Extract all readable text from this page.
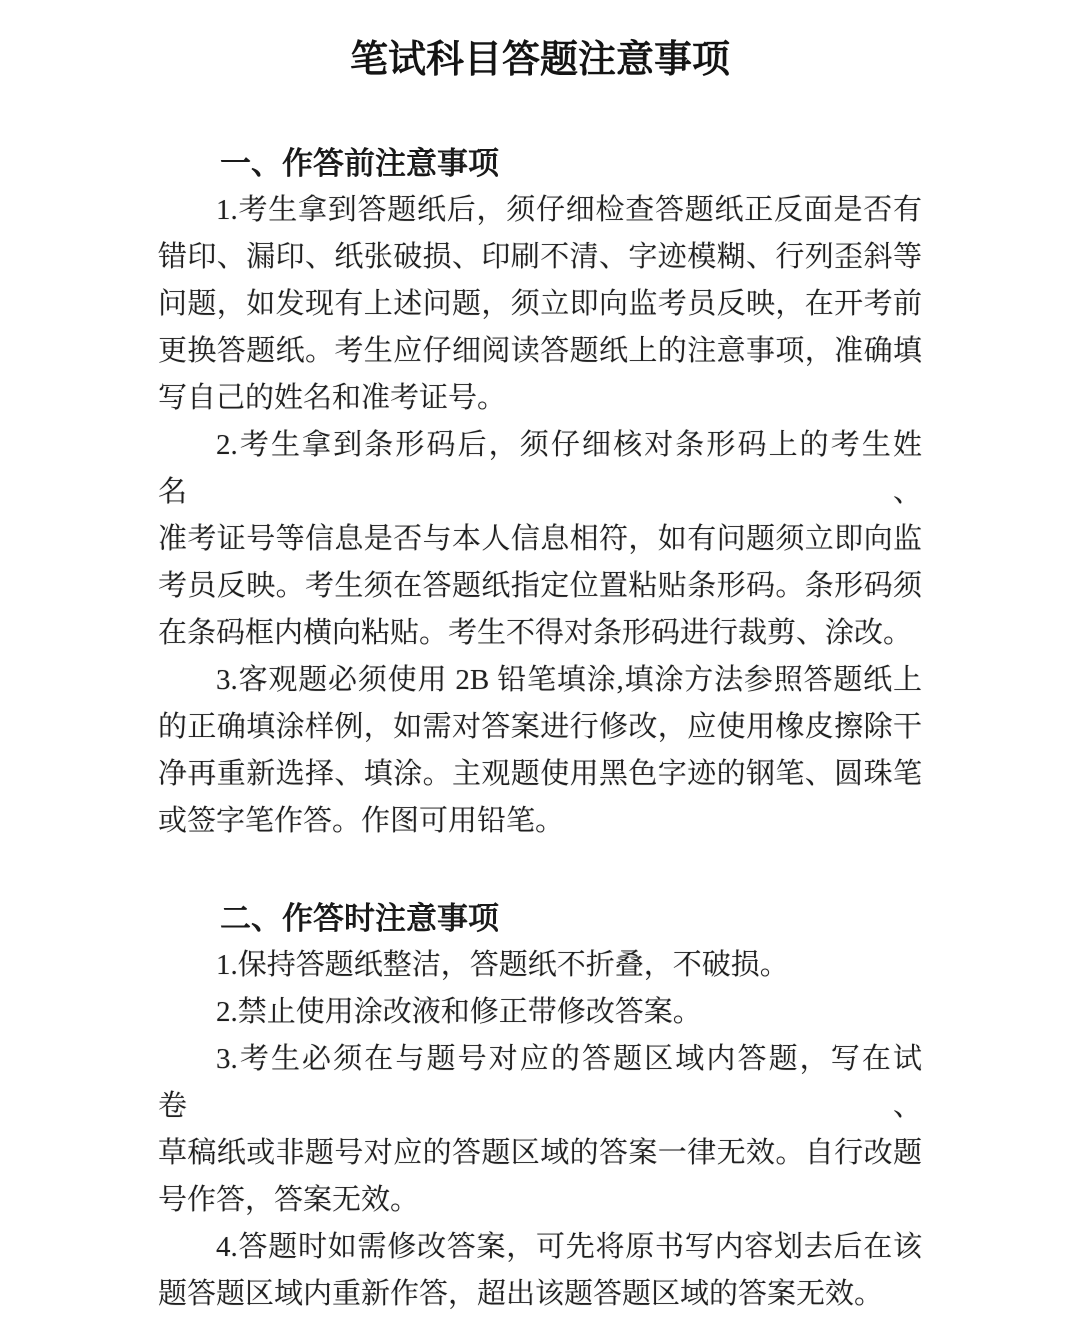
笔试科目答题注意事项
一、作答前注意事项
1.考生拿到答题纸后，须仔细检查答题纸正反面是否有
错印、漏印、纸张破损、印刷不清、字迹模糊、行列歪斜等
问题，如发现有上述问题，须立即向监考员反映，在开考前
更换答题纸。考生应仔细阅读答题纸上的注意事项，准确填
写自己的姓名和准考证号。
2.考生拿到条形码后，须仔细核对条形码上的考生姓名、
准考证号等信息是否与本人信息相符，如有问题须立即向监
考员反映。考生须在答题纸指定位置粘贴条形码。条形码须
在条码框内横向粘贴。考生不得对条形码进行裁剪、涂改。
3.客观题必须使用 2B 铅笔填涂,填涂方法参照答题纸上
的正确填涂样例，如需对答案进行修改，应使用橡皮擦除干
净再重新选择、填涂。主观题使用黑色字迹的钢笔、圆珠笔
或签字笔作答。作图可用铅笔。
二、作答时注意事项
1.保持答题纸整洁，答题纸不折叠，不破损。
2.禁止使用涂改液和修正带修改答案。
3.考生必须在与题号对应的答题区域内答题，写在试卷、
草稿纸或非题号对应的答题区域的答案一律无效。自行改题
号作答，答案无效。
4.答题时如需修改答案，可先将原书写内容划去后在该
题答题区域内重新作答，超出该题答题区域的答案无效。
